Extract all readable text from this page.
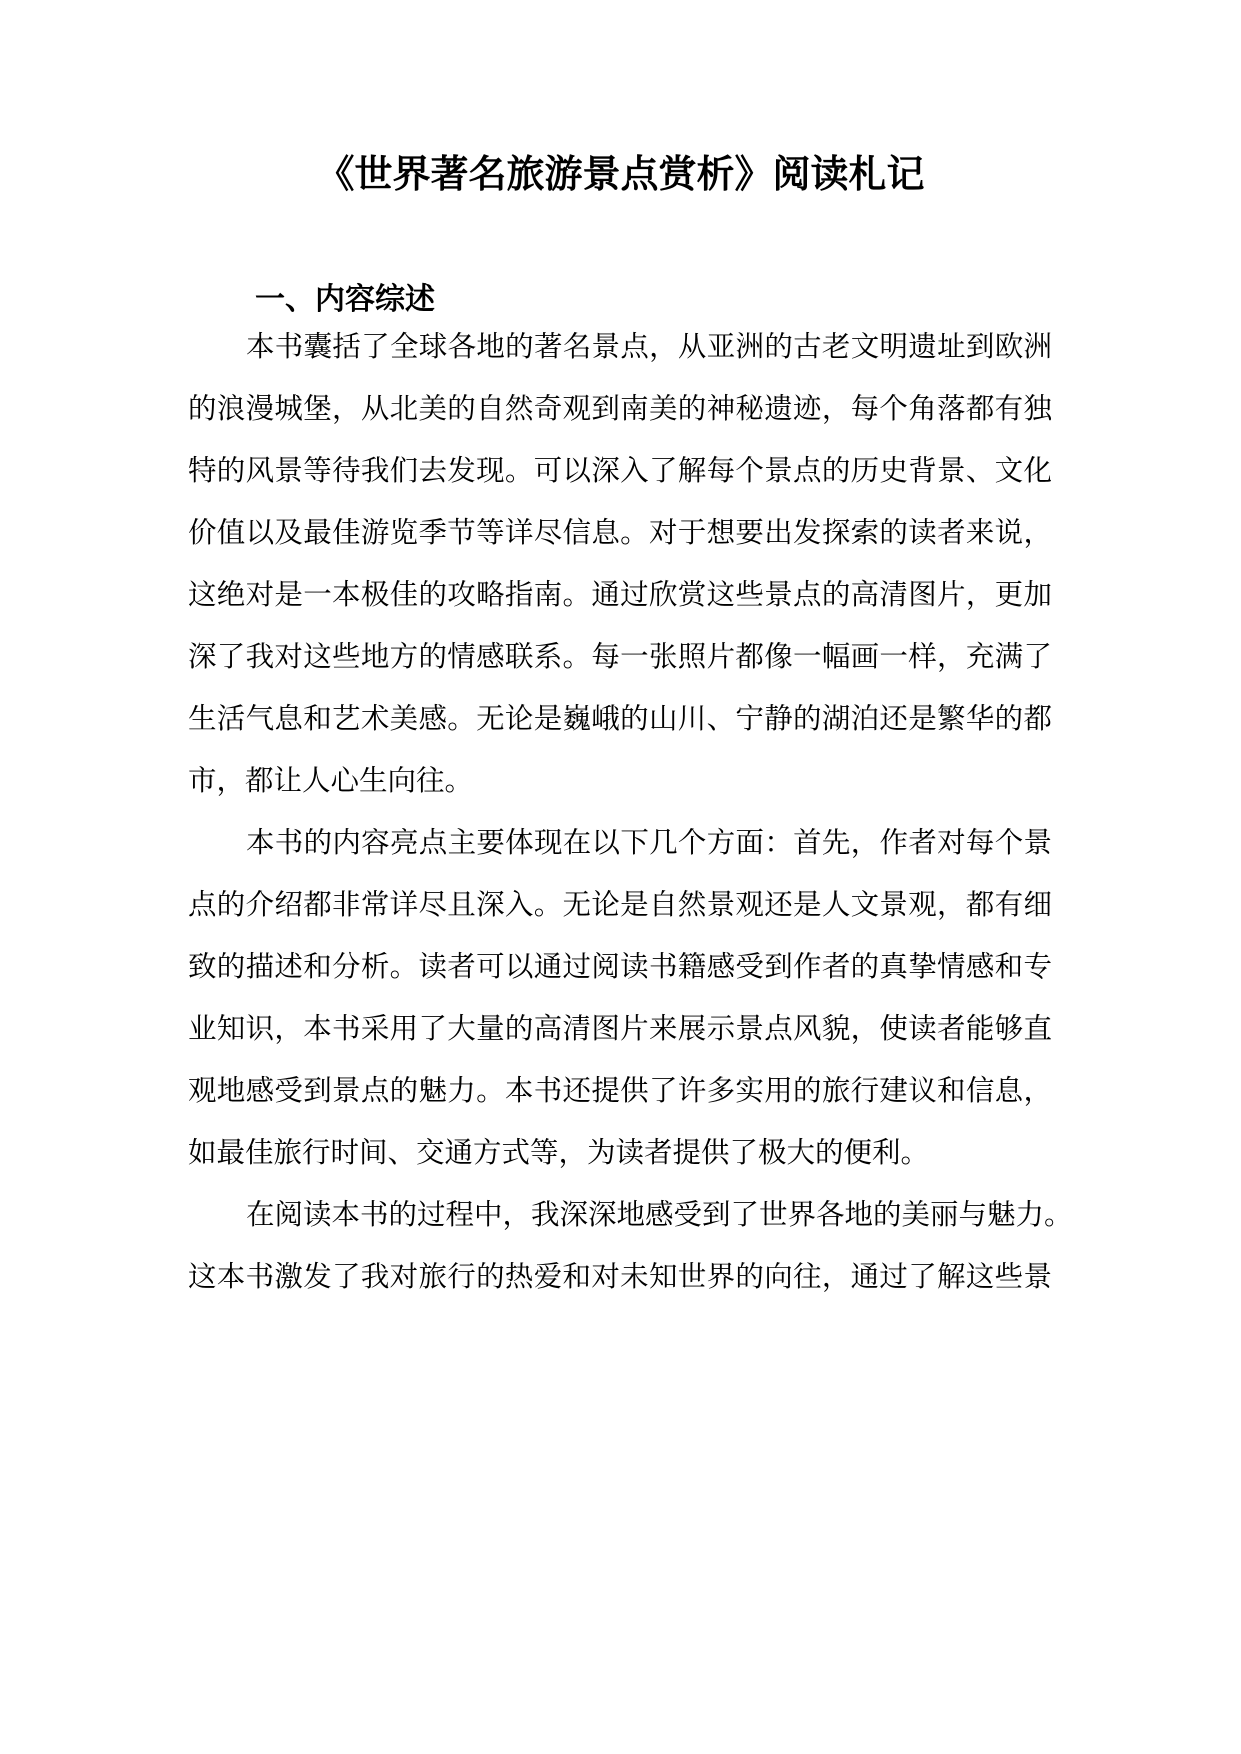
《世界著名旅游景点赏析》阅读札记
一、内容综述

本书囊括了全球各地的著名景点，从亚洲的古老文明遗址到欧洲

的浪漫城堡，从北美的自然奇观到南美的神秘遗迹，每个角落都有独

特的风景等待我们去发现。可以深入了解每个景点的历史背景、文化

价值以及最佳游览季节等详尽信息。对于想要出发探索的读者来说，

这绝对是一本极佳的攻略指南。通过欣赏这些景点的高清图片，更加

深了我对这些地方的情感联系。每一张照片都像一幅画一样，充满了

生活气息和艺术美感。无论是巍峨的山川、宁静的湖泊还是繁华的都

市，都让人心生向往。

本书的内容亮点主要体现在以下几个方面：首先，作者对每个景

点的介绍都非常详尽且深入。无论是自然景观还是人文景观，都有细

致的描述和分析。读者可以通过阅读书籍感受到作者的真挚情感和专

业知识，本书采用了大量的高清图片来展示景点风貌，使读者能够直

观地感受到景点的魅力。本书还提供了许多实用的旅行建议和信息，

如最佳旅行时间、交通方式等，为读者提供了极大的便利。

在阅读本书的过程中，我深深地感受到了世界各地的美丽与魅力。

这本书激发了我对旅行的热爱和对未知世界的向往，通过了解这些景
